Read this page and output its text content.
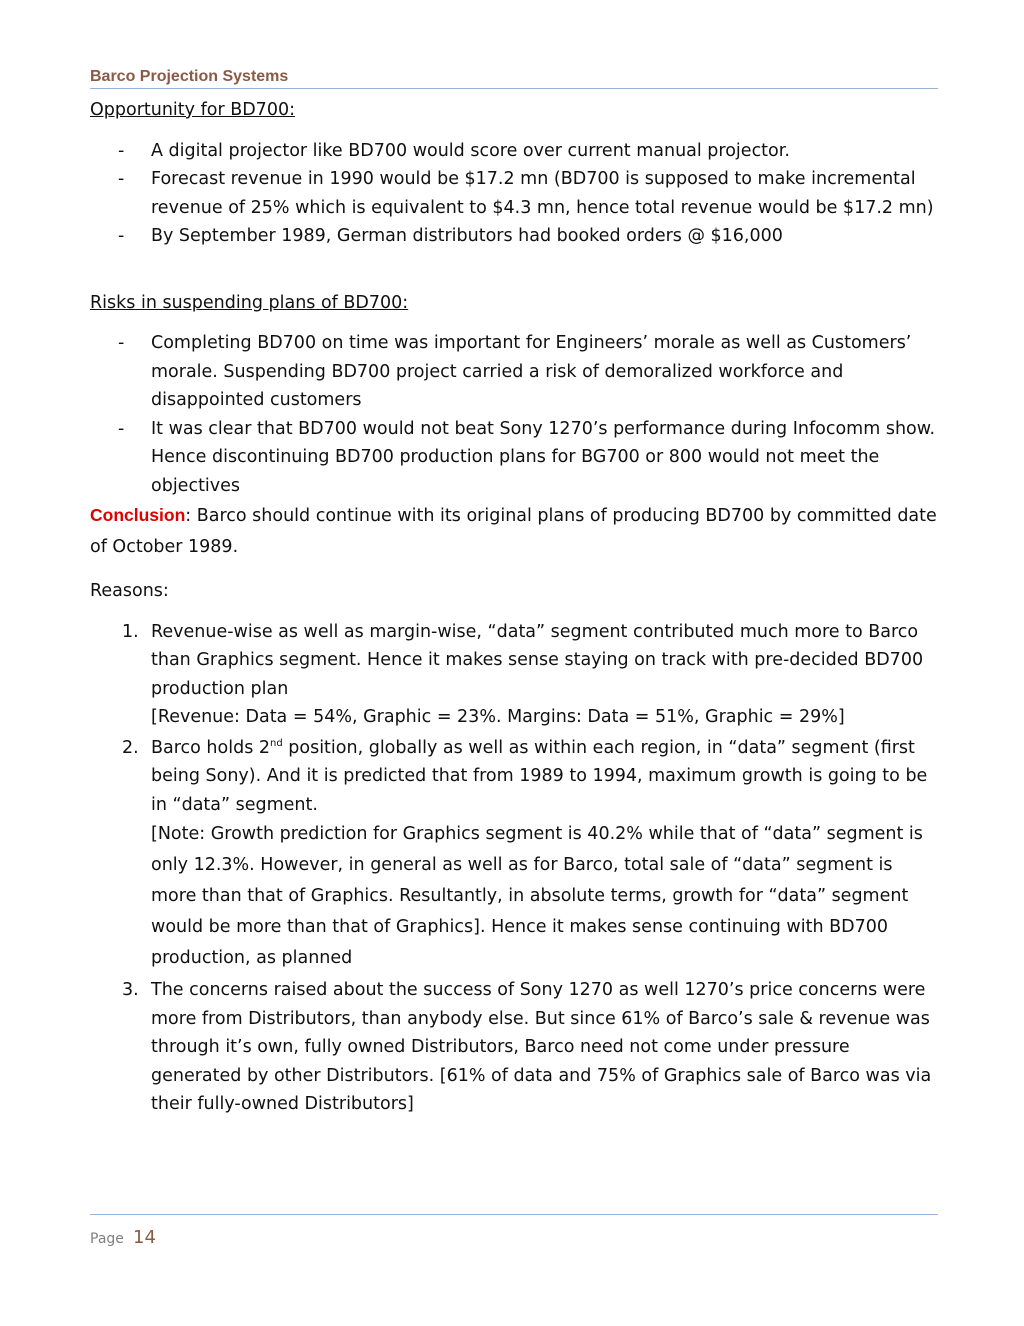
Barco Projection Systems

Opportunity for BD700:

- A digital projector like BD700 would score over current manual projector.
- Forecast revenue in 1990 would be $17.2 mn (BD700 is supposed to make incremental revenue of 25% which is equivalent to $4.3 mn, hence total revenue would be $17.2 mn)
- By September 1989, German distributors had booked orders @ $16,000

Risks in suspending plans of BD700:

- Completing BD700 on time was important for Engineers’ morale as well as Customers’ morale. Suspending BD700 project carried a risk of demoralized workforce and disappointed customers
- It was clear that BD700 would not beat Sony 1270’s performance during Infocomm show. Hence discontinuing BD700 production plans for BG700 or 800 would not meet the objectives

Conclusion: Barco should continue with its original plans of producing BD700 by committed date of October 1989.

Reasons:

1. Revenue-wise as well as margin-wise, “data” segment contributed much more to Barco than Graphics segment. Hence it makes sense staying on track with pre-decided BD700 production plan
[Revenue: Data = 54%, Graphic = 23%. Margins: Data = 51%, Graphic = 29%]
2. Barco holds 2nd position, globally as well as within each region, in “data” segment (first being Sony). And it is predicted that from 1989 to 1994, maximum growth is going to be in “data” segment.

[Note: Growth prediction for Graphics segment is 40.2% while that of “data” segment is only 12.3%. However, in general as well as for Barco, total sale of “data” segment is more than that of Graphics. Resultantly, in absolute terms, growth for “data” segment would be more than that of Graphics]. Hence it makes sense continuing with BD700 production, as planned
3. The concerns raised about the success of Sony 1270 as well 1270’s price concerns were more from Distributors, than anybody else. But since 61% of Barco’s sale & revenue was through it’s own, fully owned Distributors, Barco need not come under pressure generated by other Distributors. [61% of data and 75% of Graphics sale of Barco was via their fully-owned Distributors]
Page 14
